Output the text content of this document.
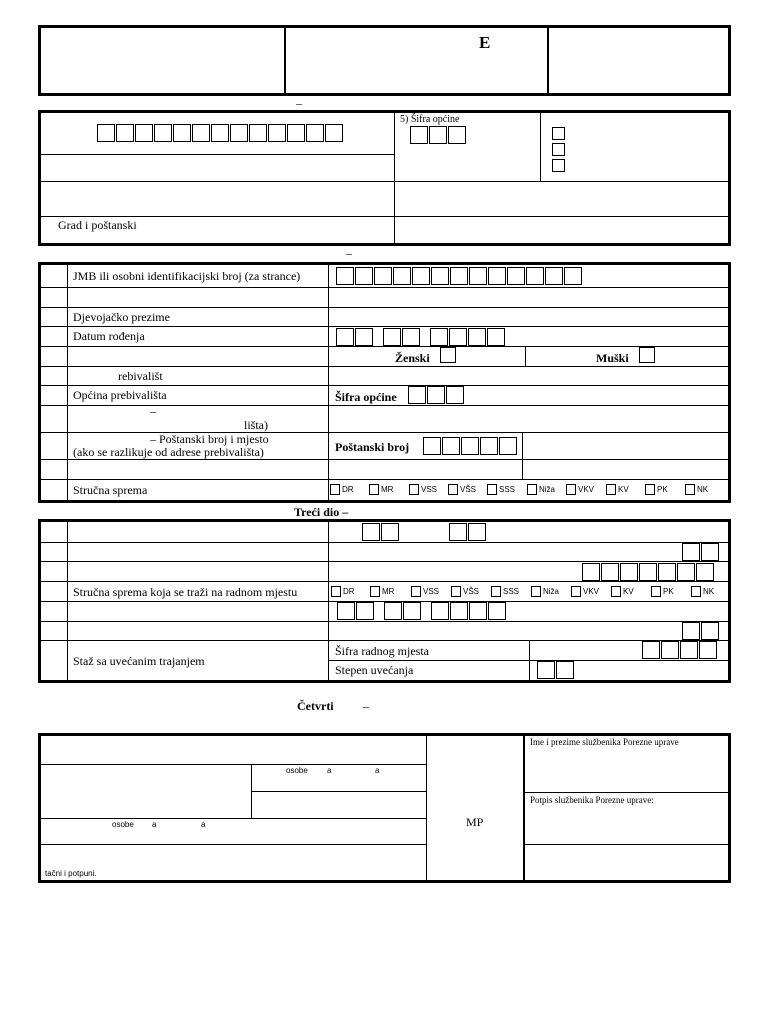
E
–
5) Šifra općine
Grad i poštanski
–
JMB ili osobni identifikacijski broj (za strance)
Djevojačko prezime
Datum rođenja
Ženski	Muški
rebivališt
Općina prebivališta	Šifra općine
–
lišta)
– Poštanski broj i mjesto
(ako se razlikuje od adrese prebivališta)	Poštanski broj
Stručna sprema	DR	MR	VSS	VŠS	SSS	Niža	VKV	KV	PK	NK
Treći dio –
Stručna sprema koja se traži na radnom mjestu	DR	MR	VSS	VŠS	SSS	Niža	VKV	KV	PK	NK
Staž sa uvećanim trajanjem
Šifra radnog mjesta
Stepen uvećanja
Četvrti –
osobe a	a
osobe a	a
tačni i potpuni.
MP
Ime i prezime službenika Porezne uprave
Potpis službenika Porezne uprave:
